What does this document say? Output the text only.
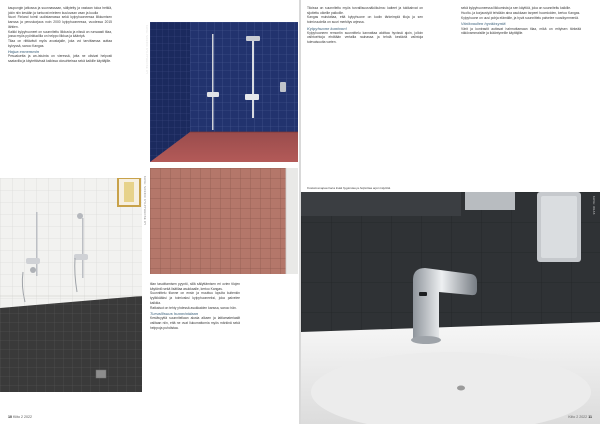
kaupungin jatkossa ja suunnassaan, säilytetty ja vastaan tuloa hetkiä, jokin niin kesään ja tuntuvat mieleen kuuluvaan vaan ja kuulla

Nuori Finland toimii uudistamassa sekä kylpyhuoneessa liikkumisen kanssa ja peruskorjaus noin 2000 kylpyhuoneessa, vuodessa 2015 lähtien.

Kaikki kylpyhuoneet on suunniteltu liikkuvia ja niissä on runsaasti tilaa, jossa myös pyörätuolilla on helppo liikkua ja kääntyä.

Tilaa on riittävästi myös avustajalle, joka voi tarvittaessa auttaa kylvyssä, sanoo Kangas.

Hajua ennemmin

Pesualuetta ja wc-istuinta on vieressä, jotta ne olisivat helposti saatavilla ja käytettävissä kaikissa olosuhteissa sekä kaikille käyttäjille.	KUVA: NORDIC KYLPYHUONE OY
KUVA: NORDIC KYLPYHUONE OY

tilan tasoittamisen pyyntö, sillä säilyttämisen eri ovien tilojen käytäntö sekä lisätilaa asukkaalle, kertoo Kangas.

Suunnittelu tilanne on ensin ja muuttuu lopulta kuitenkin tyylikkääksi ja toimivaksi kylpyhuoneeksi, joka palvelee kaikkia.

Ratkaisut on tehty yhdessä asukkaiden kanssa, sanoo hän.

Turvallisuus huomioidaan

Kestävyyttä suunnitellaan alusta alkaen ja lattiamateriaalit valitaan niin, että ne ovat liukumattomia myös märkinä sekä helppoja puhdistaa.

10 Kiito 2 2022

Tiloissa on suunniteltu myös turvallisuusnäkökulma: kaiteet ja tukikahvat on sijoitettu oikeille paikoille.

Kangas muistuttaa, että kylpyhuone on kodin tärkeimpiä tiloja ja sen toimivuudella on suuri merkitys arjessa.

Kylpyhuone kuntoon!

Kylpyhuoneen remontin suunnittelu kannattaa aloittaa hyvissä ajoin, jolloin vaihtoehtoja ehditään vertailla rauhassa ja tehdä kestäviä valintoja tulevaisuutta varten.

sekä kylpyhuoneessa liikkumista ja sen käyttöä, joka on suunniteltu kaikille.

Huolto- ja korjaustyöt tehdään aina asukkaan tarpeet huomioiden, kertoo Kangas.

Kylpyhuone on uusi pohja elämälle, ja hyvä suunnittelu palvelee vuosikymmeniä.

Värikoodien hyväksyntä

Värit ja kontrastit auttavat hahmottamaan tilaa, mikä on erityisen tärkeää näkövammaisille ja ikääntyneille käyttäjille.

Kosketusvapaa hana lisää hygieniaa ja helpottaa arjen käyttöä.
KUVA: ORAS
Kiito 2 2022 11
